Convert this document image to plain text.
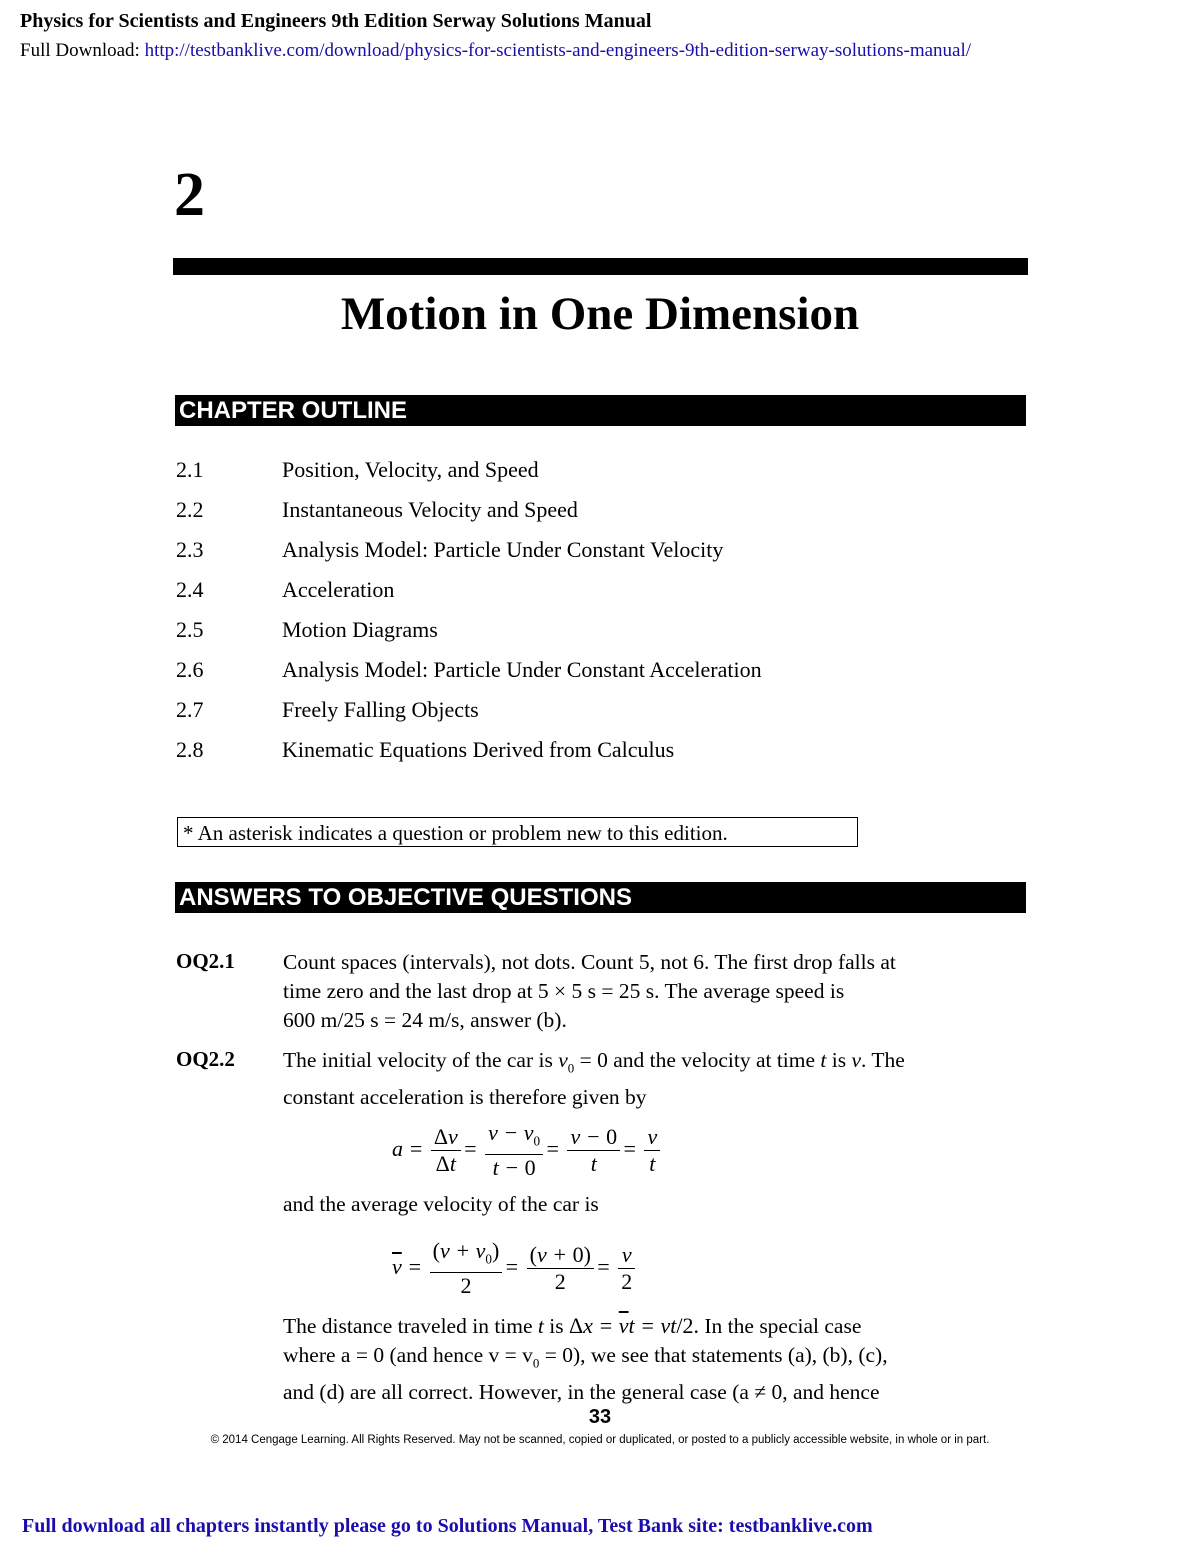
Physics for Scientists and Engineers 9th Edition Serway Solutions Manual
Full Download: http://testbanklive.com/download/physics-for-scientists-and-engineers-9th-edition-serway-solutions-manual/
2
Motion in One Dimension
CHAPTER OUTLINE
2.1	Position, Velocity, and Speed
2.2	Instantaneous Velocity and Speed
2.3	Analysis Model: Particle Under Constant Velocity
2.4	Acceleration
2.5	Motion Diagrams
2.6	Analysis Model: Particle Under Constant Acceleration
2.7	Freely Falling Objects
2.8	Kinematic Equations Derived from Calculus
* An asterisk indicates a question or problem new to this edition.
ANSWERS TO OBJECTIVE QUESTIONS
OQ2.1 Count spaces (intervals), not dots. Count 5, not 6. The first drop falls at
time zero and the last drop at 5 × 5 s = 25 s. The average speed is
600 m/25 s = 24 m/s, answer (b).
OQ2.2 The initial velocity of the car is $v_0 = 0$ and the velocity at time t is v. The
constant acceleration is therefore given by
$a = \frac{\Delta v}{\Delta t} = \frac{v - v_0}{t - 0} = \frac{v - 0}{t} = \frac{v}{t}$
and the average velocity of the car is
$\overline{v} = \frac{(v + v_0)}{2} = \frac{(v + 0)}{2} = \frac{v}{2}$
The distance traveled in time t is $\Delta x = \overline{v}t = vt/2$. In the special case
where a = 0 (and hence $v = v_0 = 0$), we see that statements (a), (b), (c),
and (d) are all correct. However, in the general case (a ≠ 0, and hence
33
© 2014 Cengage Learning. All Rights Reserved. May not be scanned, copied or duplicated, or posted to a publicly accessible website, in whole or in part.
Full download all chapters instantly please go to Solutions Manual, Test Bank site: testbanklive.com
